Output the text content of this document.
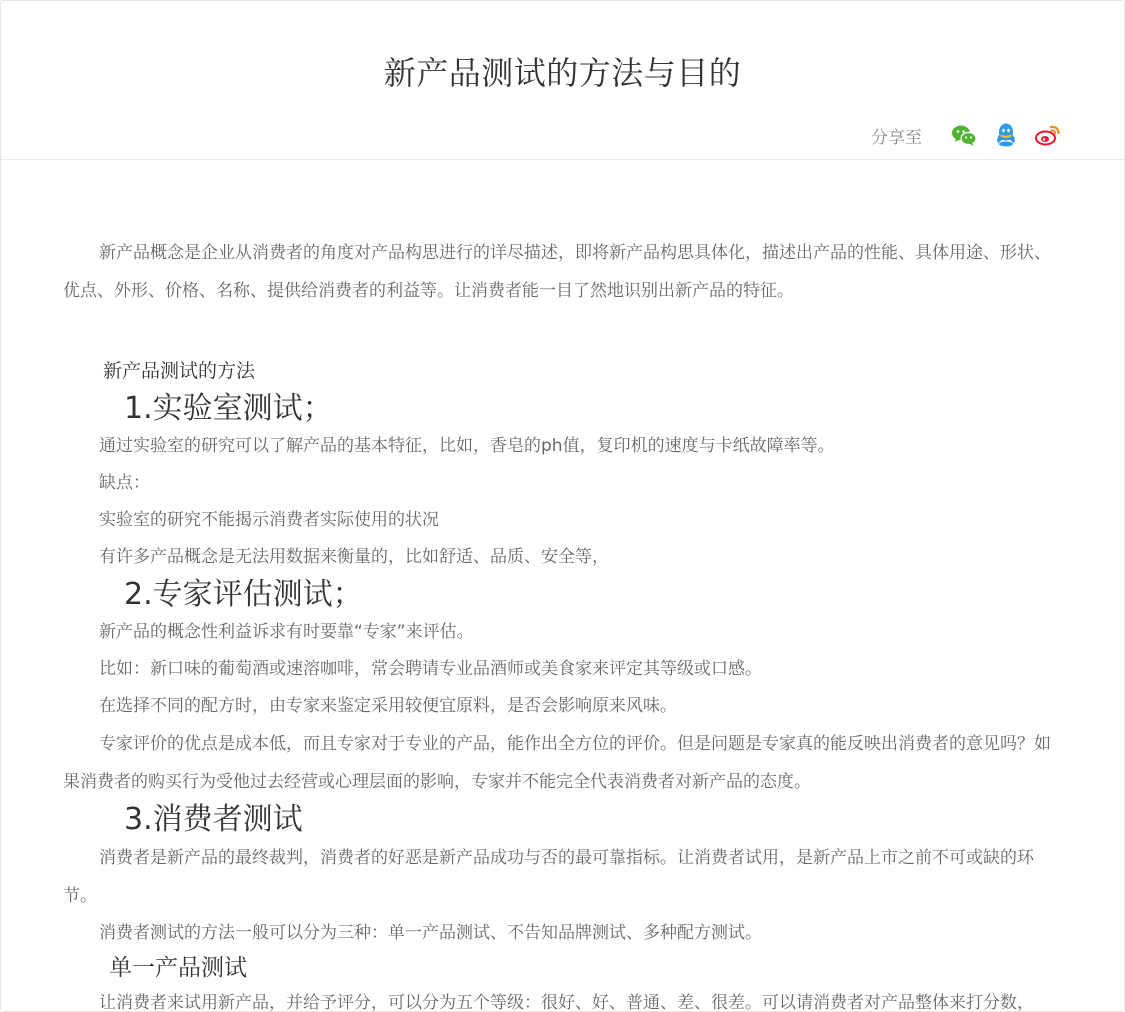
新产品测试的方法与目的
分享至

新产品概念是企业从消费者的角度对产品构思进行的详尽描述，即将新产品构思具体化，描述出产品的性能、具体用途、形状、优点、外形、价格、名称、提供给消费者的利益等。让消费者能一目了然地识别出新产品的特征。

新产品测试的方法

1.实验室测试；

通过实验室的研究可以了解产品的基本特征，比如，香皂的ph值，复印机的速度与卡纸故障率等。

缺点：

实验室的研究不能揭示消费者实际使用的状况

有许多产品概念是无法用数据来衡量的，比如舒适、品质、安全等，

2.专家评估测试；

新产品的概念性利益诉求有时要靠“专家”来评估。

比如：新口味的葡萄酒或速溶咖啡，常会聘请专业品酒师或美食家来评定其等级或口感。

在选择不同的配方时，由专家来鉴定采用较便宜原料，是否会影响原来风味。

专家评价的优点是成本低，而且专家对于专业的产品，能作出全方位的评价。但是问题是专家真的能反映出消费者的意见吗？如果消费者的购买行为受他过去经营或心理层面的影响，专家并不能完全代表消费者对新产品的态度。

3.消费者测试

消费者是新产品的最终裁判，消费者的好恶是新产品成功与否的最可靠指标。让消费者试用，是新产品上市之前不可或缺的环节。

消费者测试的方法一般可以分为三种：单一产品测试、不告知品牌测试、多种配方测试。

单一产品测试

让消费者来试用新产品，并给予评分，可以分为五个等级：很好、好、普通、差、很差。可以请消费者对产品整体来打分数，
